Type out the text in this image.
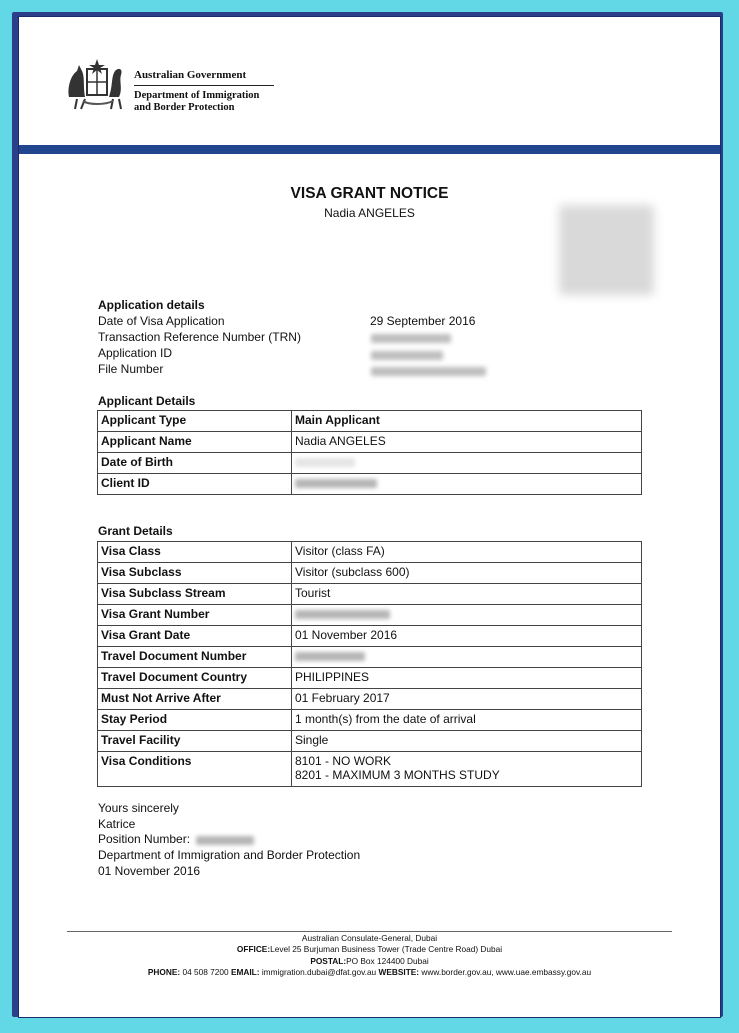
Australian Government
Department of Immigration
and Border Protection
VISA GRANT NOTICE
Nadia ANGELES
Application details
Date of Visa Application	29 September 2016
Transaction Reference Number (TRN)
Application ID
File Number
Applicant Details
Applicant Type	Main Applicant
Applicant Name	Nadia ANGELES
Date of Birth	
Client ID	
Grant Details
Visa Class	Visitor (class FA)
Visa Subclass	Visitor (subclass 600)
Visa Subclass Stream	Tourist
Visa Grant Number	
Visa Grant Date	01 November 2016
Travel Document Number	
Travel Document Country	PHILIPPINES
Must Not Arrive After	01 February 2017
Stay Period	1 month(s) from the date of arrival
Travel Facility	Single
Visa Conditions	8101 - NO WORK
8201 - MAXIMUM 3 MONTHS STUDY
Yours sincerely
Katrice
Position Number:
Department of Immigration and Border Protection
01 November 2016
Australian Consulate-General, Dubai
OFFICE:Level 25 Burjuman Business Tower (Trade Centre Road) Dubai
POSTAL:PO Box 124400 Dubai
PHONE: 04 508 7200 EMAIL: immigration.dubai@dfat.gov.au WEBSITE: www.border.gov.au, www.uae.embassy.gov.au
